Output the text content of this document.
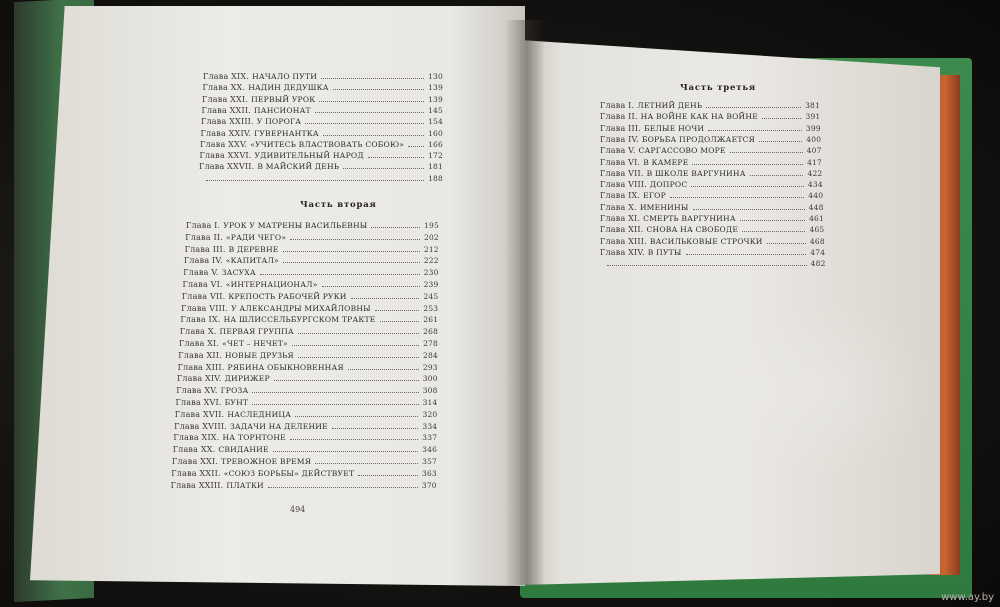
Глава XIX. НАЧАЛО ПУТИ	130
Глава XX. НАДИН ДЕДУШКА	139
Глава XXI. ПЕРВЫЙ УРОК	139
Глава XXII. ПАНСИОНАТ	145
Глава XXIII. У ПОРОГА	154
Глава XXIV. ГУВЕРНАНТКА	160
Глава XXV. «УЧИТЕСЬ ВЛАСТВОВАТЬ СОБОЮ»	166
Глава XXVI. УДИВИТЕЛЬНЫЙ НАРОД	172
Глава XXVII. В МАЙСКИЙ ДЕНЬ	181
188
Часть вторая
Глава I. УРОК У МАТРЕНЫ ВАСИЛЬЕВНЫ	195
Глава II. «РАДИ ЧЕГО»	202
Глава III. В ДЕРЕВНЕ	212
Глава IV. «КАПИТАЛ»	222
Глава V. ЗАСУХА	230
Глава VI. «ИНТЕРНАЦИОНАЛ»	239
Глава VII. КРЕПОСТЬ РАБОЧЕЙ РУКИ	245
Глава VIII. У АЛЕКСАНДРЫ МИХАЙЛОВНЫ	253
Глава IX. НА ШЛИССЕЛЬБУРГСКОМ ТРАКТЕ	261
Глава X. ПЕРВАЯ ГРУППА	268
Глава XI. «ЧЕТ – НЕЧЕТ»	278
Глава XII. НОВЫЕ ДРУЗЬЯ	284
Глава XIII. РЯБИНА ОБЫКНОВЕННАЯ	293
Глава XIV. ДИРИЖЕР	300
Глава XV. ГРОЗА	308
Глава XVI. БУНТ	314
Глава XVII. НАСЛЕДНИЦА	320
Глава XVIII. ЗАДАЧИ НА ДЕЛЕНИЕ	334
Глава XIX. НА ТОРНТОНЕ	337
Глава XX. СВИДАНИЕ	346
Глава XXI. ТРЕВОЖНОЕ ВРЕМЯ	357
Глава XXII. «СОЮЗ БОРЬБЫ» ДЕЙСТВУЕТ	363
Глава XXIII. ПЛАТКИ	370
494
Часть третья
Глава I. ЛЕТНИЙ ДЕНЬ	381
Глава II. НА ВОЙНЕ КАК НА ВОЙНЕ	391
Глава III. БЕЛЫЕ НОЧИ	399
Глава IV. БОРЬБА ПРОДОЛЖАЕТСЯ	400
Глава V. САРГАССОВО МОРЕ	407
Глава VI. В КАМЕРЕ	417
Глава VII. В ШКОЛЕ ВАРГУНИНА	422
Глава VIII. ДОПРОС	434
Глава IX. ЕГОР	440
Глава X. ИМЕНИНЫ	448
Глава XI. СМЕРТЬ ВАРГУНИНА	461
Глава XII. СНОВА НА СВОБОДЕ	465
Глава XIII. ВАСИЛЬКОВЫЕ СТРОЧКИ	468
Глава XIV. В ПУТЫ	474
482
www.ay.by
